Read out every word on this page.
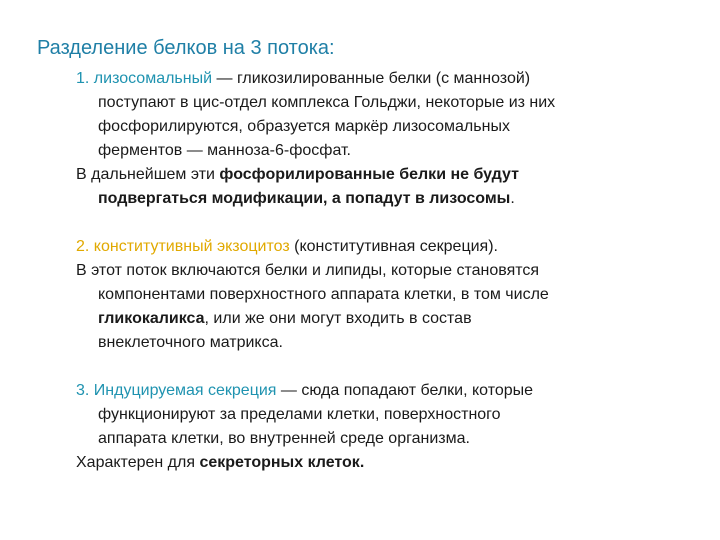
Разделение белков на 3 потока:
1. лизосомальный — гликозилированные белки (с маннозой)
поступают в цис-отдел комплекса Гольджи, некоторые из них
фосфорилируются, образуется маркёр лизосомальных
ферментов — манноза-6-фосфат.
В дальнейшем эти фосфорилированные белки не будут
подвергаться модификации, а попадут в лизосомы.
2. конститутивный экзоцитоз (конститутивная секреция).
В этот поток включаются белки и липиды, которые становятся
компонентами поверхностного аппарата клетки, в том числе
гликокаликса, или же они могут входить в состав
внеклеточного матрикса.
3. Индуцируемая секреция — сюда попадают белки, которые
функционируют за пределами клетки, поверхностного
аппарата клетки, во внутренней среде организма.
Характерен для секреторных клеток.
